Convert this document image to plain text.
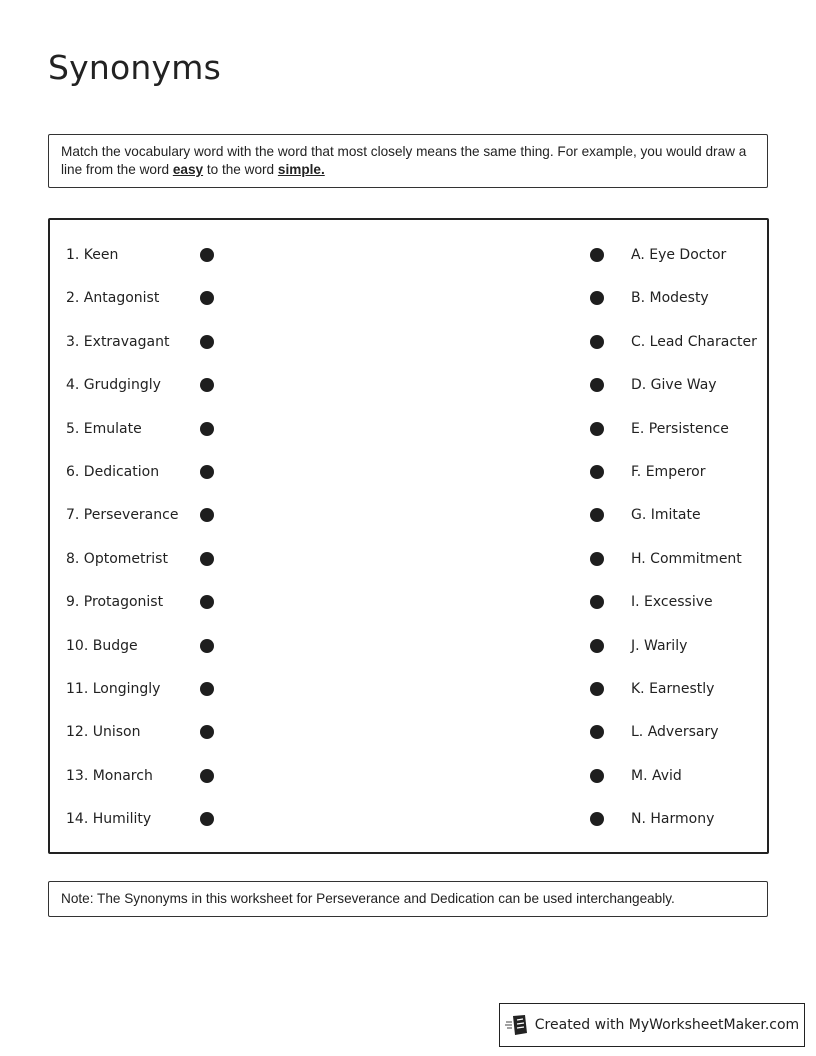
Synonyms
Match the vocabulary word with the word that most closely means the same thing. For example, you would draw a line from the word easy to the word simple.
1. Keen	A. Eye Doctor
2. Antagonist	B. Modesty
3. Extravagant	C. Lead Character
4. Grudgingly	D. Give Way
5. Emulate	E. Persistence
6. Dedication	F. Emperor
7. Perseverance	G. Imitate
8. Optometrist	H. Commitment
9. Protagonist	I. Excessive
10. Budge	J. Warily
11. Longingly	K. Earnestly
12. Unison	L. Adversary
13. Monarch	M. Avid
14. Humility	N. Harmony
Note: The Synonyms in this worksheet for Perseverance and Dedication can be used interchangeably.
Created with MyWorksheetMaker.com
